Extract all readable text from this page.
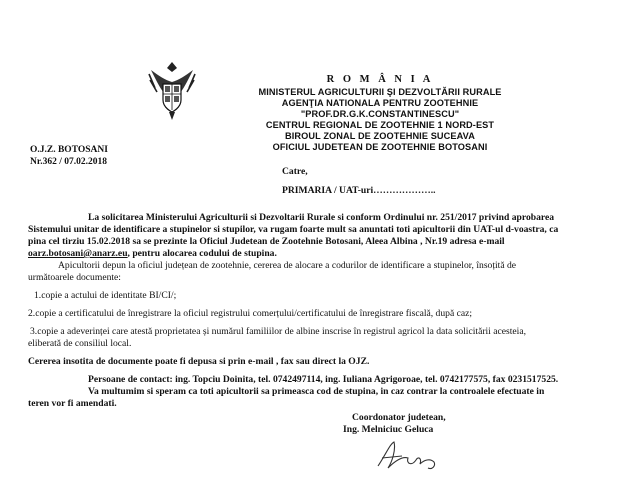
R O M Â N I A
MINISTERUL AGRICULTURII ŞI DEZVOLTĂRII RURALE
AGENŢIA NATIONALA PENTRU ZOOTEHNIE
"PROF.DR.G.K.CONSTANTINESCU"
CENTRUL REGIONAL DE ZOOTEHNIE 1 NORD-EST
BIROUL ZONAL DE ZOOTEHNIE SUCEAVA
OFICIUL JUDETEAN DE ZOOTEHNIE BOTOSANI
O.J.Z. BOTOSANI
Nr.362 / 07.02.2018
Catre,
PRIMARIA / UAT-uri………………..
La solicitarea Ministerului Agriculturii si Dezvoltarii Rurale si conform Ordinului nr. 251/2017 privind aprobarea
Sistemului unitar de identificare a stupinelor si stupilor, va rugam foarte mult sa anuntati toti apicultorii din UAT-ul d-voastra, ca
pina cel tirziu 15.02.2018 sa se prezinte la Oficiul Judetean de Zootehnie Botosani, Aleea Albina , Nr.19 adresa e-mail
oarz.botosani@anarz.eu, pentru alocarea codului de stupina.
Apicultorii depun la oficiul județean de zootehnie, cererea de alocare a codurilor de identificare a stupinelor, însoțită de
următoarele documente:
1.copie a actului de identitate BI/CI/;
2.copie a certificatului de înregistrare la oficiul registrului comerțului/certificatului de înregistrare fiscală, după caz;
3.copie a adeverinței care atestă proprietatea și numărul familiilor de albine inscrise în registrul agricol la data solicitării acesteia,
eliberată de consiliul local.
Cererea insotita de documente poate fi depusa si prin e-mail , fax sau direct la OJZ.
Persoane de contact: ing. Topciu Doinita, tel. 0742497114, ing. Iuliana Agrigoroae, tel. 0742177575, fax 0231517525.
Va multumim si speram ca toti apicultorii sa primeasca cod de stupina, in caz contrar la controalele efectuate in
teren vor fi amendati.
Coordonator judetean,
Ing. Melniciuc Geluca
